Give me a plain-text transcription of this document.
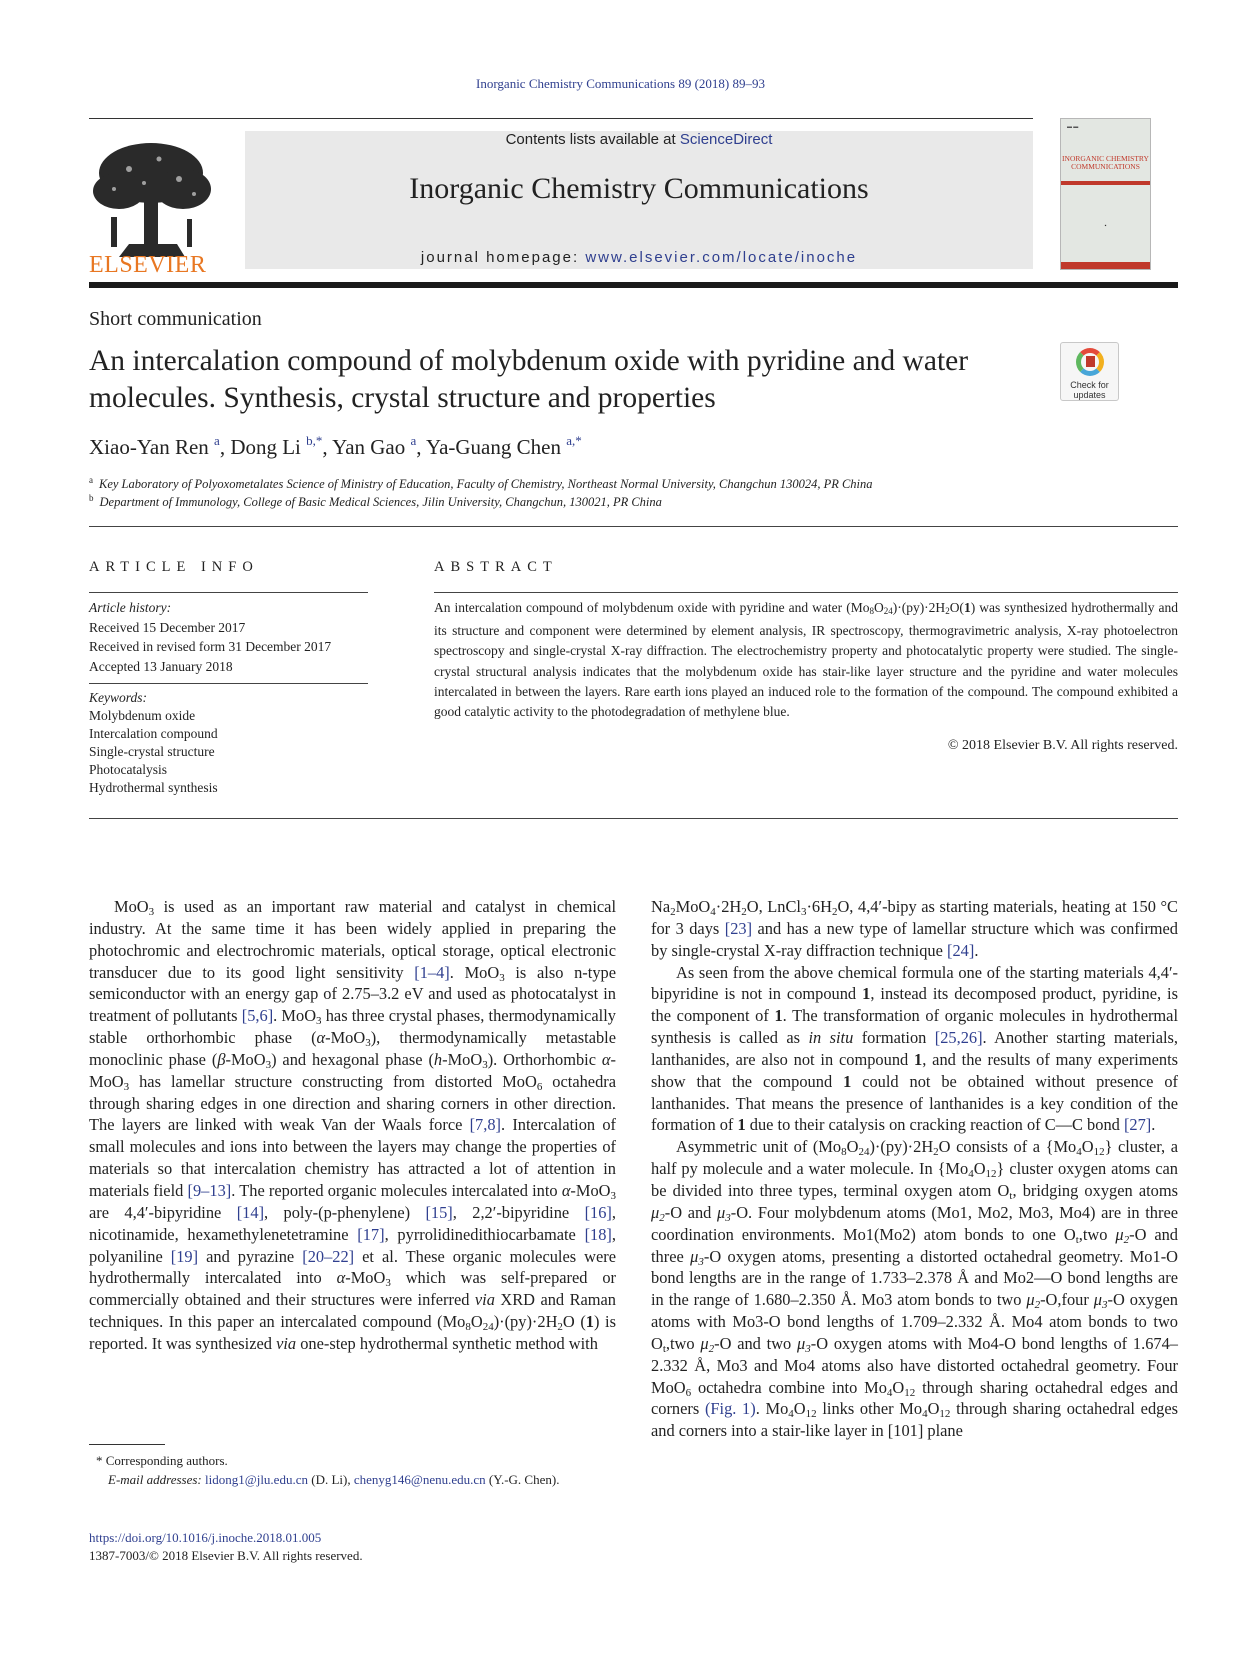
Inorganic Chemistry Communications 89 (2018) 89–93
ELSEVIER
Contents lists available at ScienceDirect
Inorganic Chemistry Communications
journal homepage: www.elsevier.com/locate/inoche
▬ ▬
INORGANIC CHEMISTRY COMMUNICATIONS
▪
Short communication
An intercalation compound of molybdenum oxide with pyridine and water molecules. Synthesis, crystal structure and properties	Check for updates
Xiao-Yan Ren $^a$, Dong Li $^{b,*}$, Yan Gao $^a$, Ya-Guang Chen $^{a,*}$
$^a$ Key Laboratory of Polyoxometalates Science of Ministry of Education, Faculty of Chemistry, Northeast Normal University, Changchun 130024, PR China
$^b$ Department of Immunology, College of Basic Medical Sciences, Jilin University, Changchun, 130021, PR China
ARTICLE INFO	ABSTRACT
Article history:
Received 15 December 2017
Received in revised form 31 December 2017
Accepted 13 January 2018
Keywords:
Molybdenum oxide
Intercalation compound
Single-crystal structure
Photocatalysis
Hydrothermal synthesis
An intercalation compound of molybdenum oxide with pyridine and water $(Mo_8O_{24})\cdot(py)\cdot 2H_2O(1)$ was synthesized hydrothermally and its structure and component were determined by element analysis, IR spectroscopy, thermogravimetric analysis, X-ray photoelectron spectroscopy and single-crystal X-ray diffraction. The electrochemistry property and photocatalytic property were studied. The single-crystal structural analysis indicates that the molybdenum oxide has stair-like layer structure and the pyridine and water molecules intercalated in between the layers. Rare earth ions played an induced role to the formation of the compound. The compound exhibited a good catalytic activity to the photodegradation of methylene blue.
© 2018 Elsevier B.V. All rights reserved.

MoO$_3$ is used as an important raw material and catalyst in chemical industry. At the same time it has been widely applied in preparing the photochromic and electrochromic materials, optical storage, optical electronic transducer due to its good light sensitivity [1–4]. MoO$_3$ is also n-type semiconductor with an energy gap of 2.75–3.2 eV and used as photocatalyst in treatment of pollutants [5,6]. MoO$_3$ has three crystal phases, thermodynamically stable orthorhombic phase (α-MoO$_3$), thermodynamically metastable monoclinic phase (β-MoO$_3$) and hexagonal phase (h-MoO$_3$). Orthorhombic α-MoO$_3$ has lamellar structure constructing from distorted MoO$_6$ octahedra through sharing edges in one direction and sharing corners in other direction. The layers are linked with weak Van der Waals force [7,8]. Intercalation of small molecules and ions into between the layers may change the properties of materials so that intercalation chemistry has attracted a lot of attention in materials field [9–13]. The reported organic molecules intercalated into α-MoO$_3$ are 4,4′-bipyridine [14], poly-(p-phenylene) [15], 2,2′-bipyridine [16], nicotinamide, hexamethylenetetramine [17], pyrrolidinedithiocarbamate [18], polyaniline [19] and pyrazine [20–22] et al. These organic molecules were hydrothermally intercalated into α-MoO$_3$ which was self-prepared or commercially obtained and their structures were inferred via XRD and Raman techniques. In this paper an intercalated compound $(Mo_8O_{24})\cdot(py)\cdot 2H_2O$ (1) is reported. It was synthesized via one-step hydrothermal synthetic method with

$Na_2MoO_4\cdot 2H_2O$, $LnCl_3\cdot 6H_2O$, 4,4′-bipy as starting materials, heating at 150 °C for 3 days [23] and has a new type of lamellar structure which was confirmed by single-crystal X-ray diffraction technique [24].

As seen from the above chemical formula one of the starting materials 4,4′-bipyridine is not in compound 1, instead its decomposed product, pyridine, is the component of 1. The transformation of organic molecules in hydrothermal synthesis is called as in situ formation [25,26]. Another starting materials, lanthanides, are also not in compound 1, and the results of many experiments show that the compound 1 could not be obtained without presence of lanthanides. That means the presence of lanthanides is a key condition of the formation of 1 due to their catalysis on cracking reaction of C—C bond [27].

Asymmetric unit of $(Mo_8O_{24})\cdot(py)\cdot 2H_2O$ consists of a $\{Mo_4O_{12}\}$ cluster, a half py molecule and a water molecule. In $\{Mo_4O_{12}\}$ cluster oxygen atoms can be divided into three types, terminal oxygen atom $O_t$, bridging oxygen atoms $\mu_2-O$ and $\mu_3-O$. Four molybdenum atoms (Mo1, Mo2, Mo3, Mo4) are in three coordination environments. Mo1(Mo2) atom bonds to one $O_t,two$ $\mu_2-O$ and three $\mu_3-O$ oxygen atoms, presenting a distorted octahedral geometry. Mo1-O bond lengths are in the range of 1.733–2.378 Å and Mo2—O bond lengths are in the range of 1.680–2.350 Å. Mo3 atom bonds to two $\mu_2-O,four$ $\mu_3-O$ oxygen atoms with Mo3-O bond lengths of 1.709–2.332 Å. Mo4 atom bonds to two $O_t,two$ $\mu_2-O$ and two $\mu_3-O$ oxygen atoms with Mo4-O bond lengths of 1.674–2.332 Å, Mo3 and Mo4 atoms also have distorted octahedral geometry. Four MoO$_6$ octahedra combine into $Mo_4O_{12}$ through sharing octahedral edges and corners (Fig. 1). $Mo_4O_{12}$ links other $Mo_4O_{12}$ through sharing octahedral edges and corners into a stair-like layer in [101] plane

* Corresponding authors.
E-mail addresses: lidong1@jlu.edu.cn (D. Li), chenyg146@nenu.edu.cn (Y.-G. Chen).
https://doi.org/10.1016/j.inoche.2018.01.005
1387-7003/© 2018 Elsevier B.V. All rights reserved.
